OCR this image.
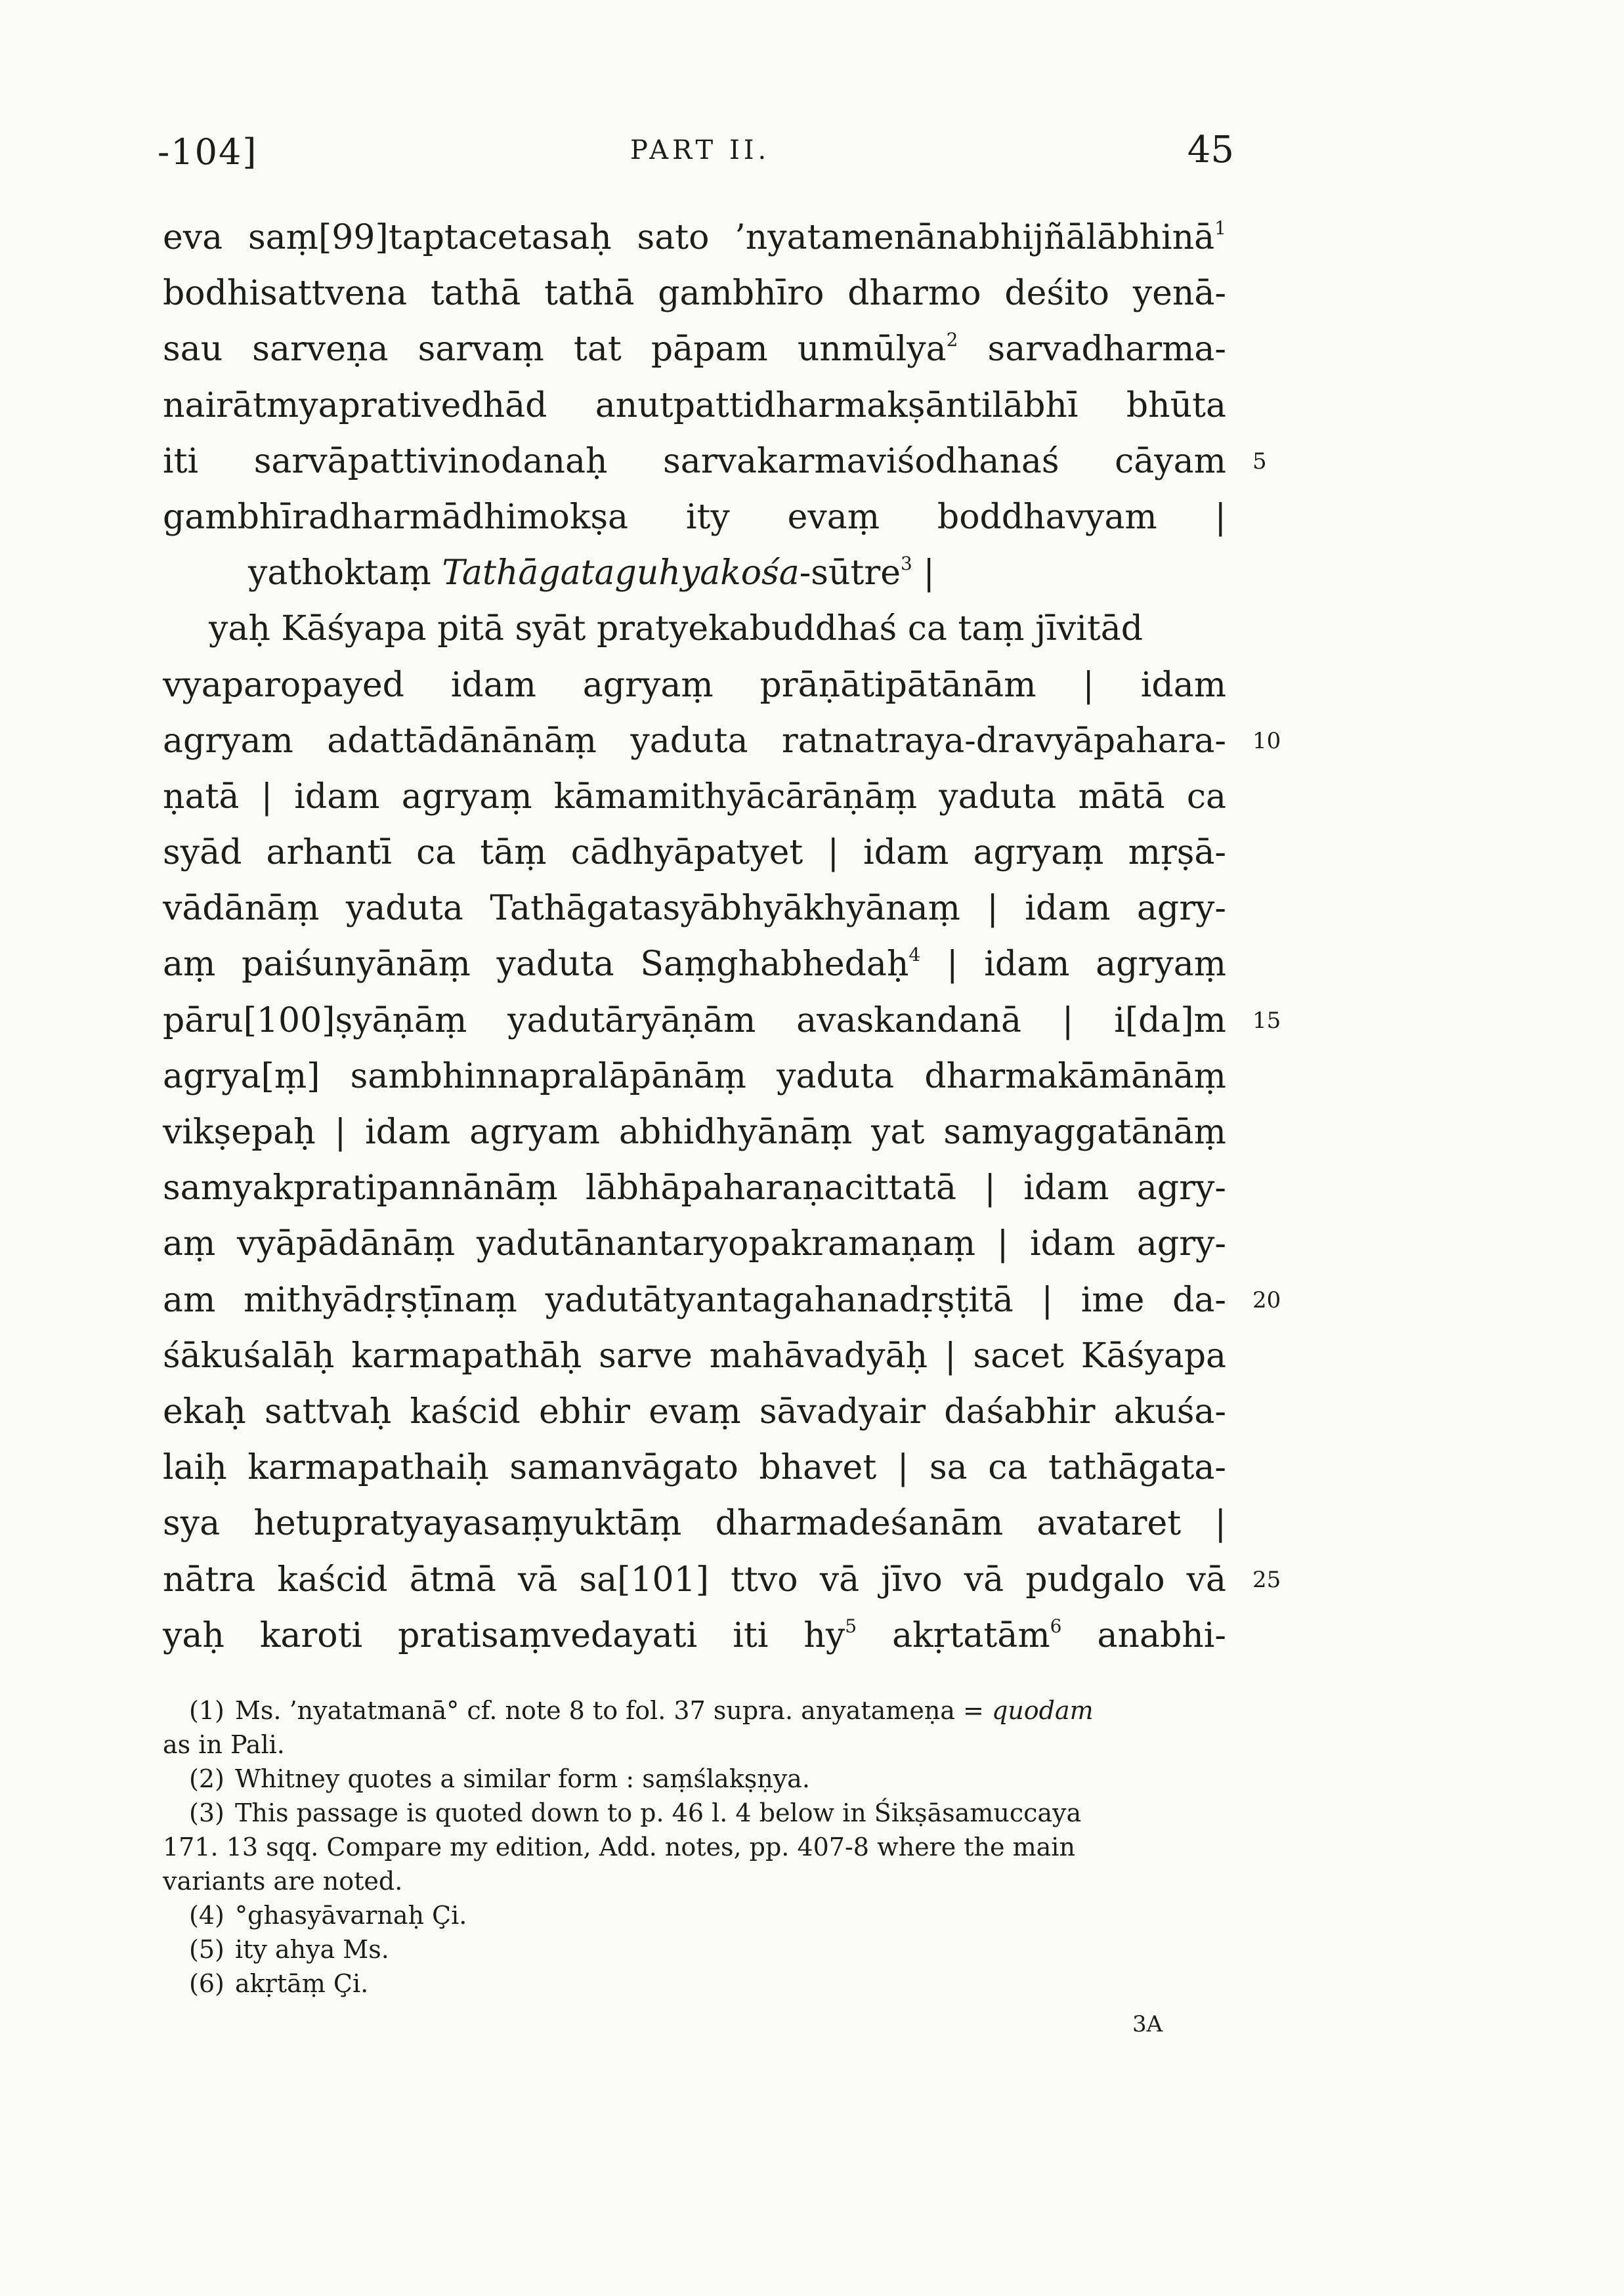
-104]	PART II.	45
eva saṃ[99]taptacetasaḥ sato ’nyatamenānabhijñālābhinā$^1$
bodhisattvena tathā tathā gambhīro dharmo deśito yenā-
sau sarveṇa sarvaṃ tat pāpam unmūlya$^2$ sarvadharma-
nairātmyaprativedhād anutpattidharmakṣāntilābhī bhūta
iti sarvāpattivinodanaḥ sarvakarmaviśodhanaś cāyam 5
gambhīradharmādhimokṣa ity evaṃ boddhavyam |
yathoktaṃ Tathāgataguhyakośa-sūtre$^3$ |
yaḥ Kāśyapa pitā syāt pratyekabuddhaś ca taṃ jīvitād
vyaparopayed idam agryaṃ prāṇātipātānām | idam
agryam adattādānānāṃ yaduta ratnatraya-dravyāpahara- 10
ṇatā | idam agryaṃ kāmamithyācārāṇāṃ yaduta mātā ca
syād arhantī ca tāṃ cādhyāpatyet | idam agryaṃ mṛṣā-
vādānāṃ yaduta Tathāgatasyābhyākhyānaṃ | idam agry-
aṃ paiśunyānāṃ yaduta Saṃghabhedaḥ$^4$ | idam agryaṃ
pāru[100]ṣyāṇāṃ yadutāryāṇām avaskandanā | i[da]m 15
agrya[ṃ] sambhinnapralāpānāṃ yaduta dharmakāmānāṃ
vikṣepaḥ | idam agryam abhidhyānāṃ yat samyaggatānāṃ
samyakpratipannānāṃ lābhāpaharaṇacittatā | idam agry-
aṃ vyāpādānāṃ yadutānantaryopakramaṇaṃ | idam agry-
am mithyādṛṣṭīnaṃ yadutātyantagahanadṛṣṭitā | ime da- 20
śākuśalāḥ karmapathāḥ sarve mahāvadyāḥ | sacet Kāśyapa
ekaḥ sattvaḥ kaścid ebhir evaṃ sāvadyair daśabhir akuśa-
laiḥ karmapathaiḥ samanvāgato bhavet | sa ca tathāgata-
sya hetupratyayasaṃyuktāṃ dharmadeśanām avataret |
nātra kaścid ātmā vā sa[101] ttvo vā jīvo vā pudgalo vā 25
yaḥ karoti pratisaṃvedayati iti $hy^5$ akṛtatām$^6$ anabhi-
(1) Ms. ’nyatatmanā° cf. note 8 to fol. 37 supra. anyatameṇa = quodam
as in Pali.
(2) Whitney quotes a similar form : saṃślakṣṇya.
(3) This passage is quoted down to p. 46 l. 4 below in Śikṣāsamuccaya
171. 13 sqq. Compare my edition, Add. notes, pp. 407-8 where the main
variants are noted.
(4) °ghasyāvarnaḥ Çi.
(5) ity ahya Ms.
(6) akṛtāṃ Çi.
3A
